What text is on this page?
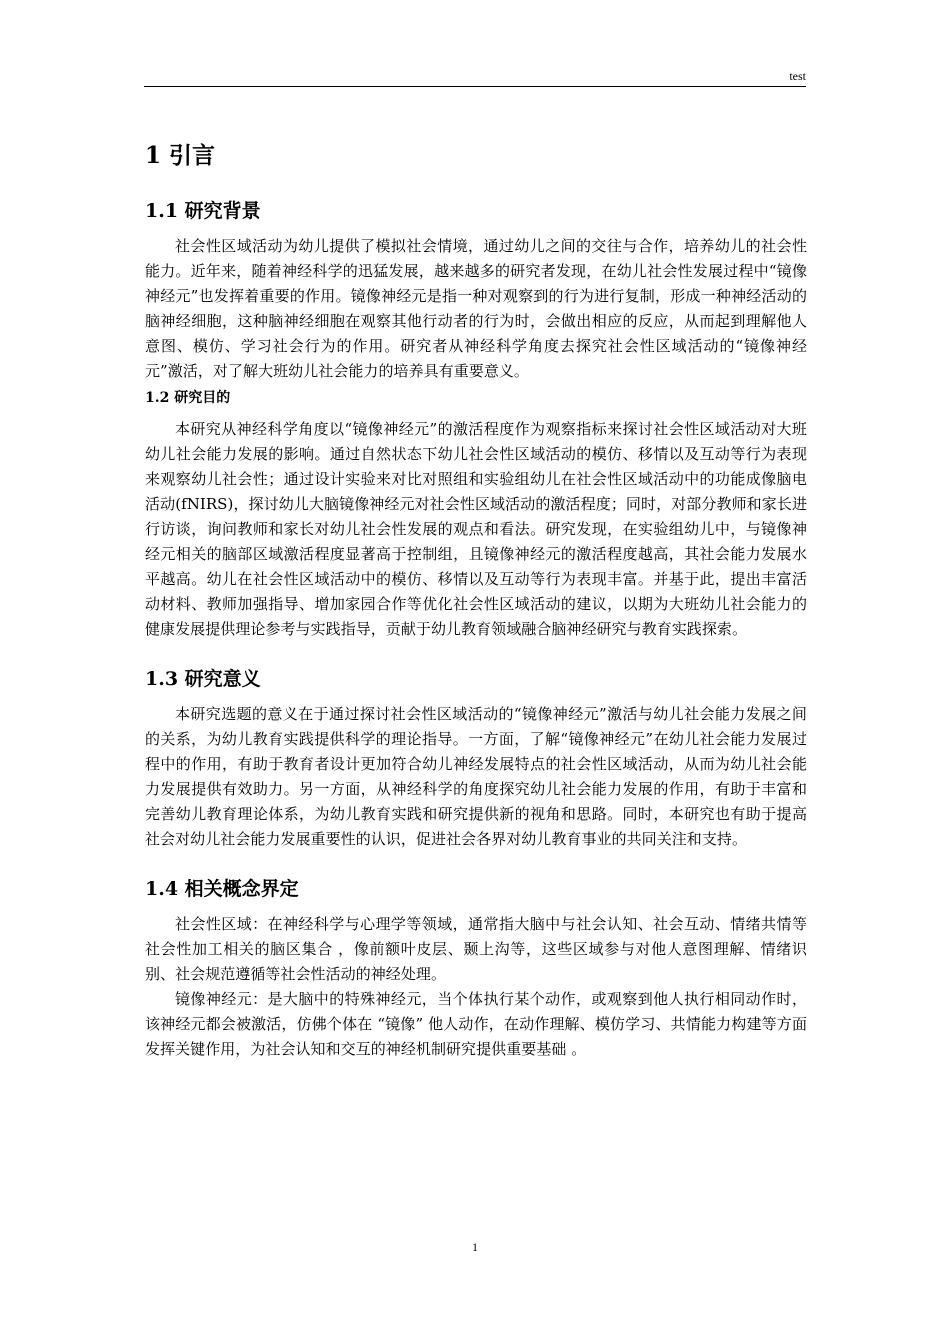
test
1 引言
1.1 研究背景

社会性区域活动为幼儿提供了模拟社会情境，通过幼儿之间的交往与合作，培养幼儿的社会性能力。近年来，随着神经科学的迅猛发展，越来越多的研究者发现，在幼儿社会性发展过程中“镜像神经元”也发挥着重要的作用。镜像神经元是指一种对观察到的行为进行复制，形成一种神经活动的脑神经细胞，这种脑神经细胞在观察其他行动者的行为时，会做出相应的反应，从而起到理解他人意图、模仿、学习社会行为的作用。研究者从神经科学角度去探究社会性区域活动的“镜像神经元”激活，对了解大班幼儿社会能力的培养具有重要意义。

1.2 研究目的

本研究从神经科学角度以“镜像神经元”的激活程度作为观察指标来探讨社会性区域活动对大班幼儿社会能力发展的影响。通过自然状态下幼儿社会性区域活动的模仿、移情以及互动等行为表现来观察幼儿社会性；通过设计实验来对比对照组和实验组幼儿在社会性区域活动中的功能成像脑电活动(fNIRS)，探讨幼儿大脑镜像神经元对社会性区域活动的激活程度；同时，对部分教师和家长进行访谈，询问教师和家长对幼儿社会性发展的观点和看法。研究发现，在实验组幼儿中，与镜像神经元相关的脑部区域激活程度显著高于控制组，且镜像神经元的激活程度越高，其社会能力发展水平越高。幼儿在社会性区域活动中的模仿、移情以及互动等行为表现丰富。并基于此，提出丰富活动材料、教师加强指导、增加家园合作等优化社会性区域活动的建议，以期为大班幼儿社会能力的健康发展提供理论参考与实践指导，贡献于幼儿教育领域融合脑神经研究与教育实践探索。

1.3 研究意义

本研究选题的意义在于通过探讨社会性区域活动的“镜像神经元”激活与幼儿社会能力发展之间的关系，为幼儿教育实践提供科学的理论指导。一方面，了解“镜像神经元”在幼儿社会能力发展过程中的作用，有助于教育者设计更加符合幼儿神经发展特点的社会性区域活动，从而为幼儿社会能力发展提供有效助力。另一方面，从神经科学的角度探究幼儿社会能力发展的作用，有助于丰富和完善幼儿教育理论体系，为幼儿教育实践和研究提供新的视角和思路。同时，本研究也有助于提高社会对幼儿社会能力发展重要性的认识，促进社会各界对幼儿教育事业的共同关注和支持。

1.4 相关概念界定

社会性区域：在神经科学与心理学等领域，通常指大脑中与社会认知、社会互动、情绪共情等社会性加工相关的脑区集合 ，像前额叶皮层、颞上沟等，这些区域参与对他人意图理解、情绪识别、社会规范遵循等社会性活动的神经处理。

镜像神经元：是大脑中的特殊神经元，当个体执行某个动作，或观察到他人执行相同动作时，该神经元都会被激活，仿佛个体在 “镜像” 他人动作，在动作理解、模仿学习、共情能力构建等方面发挥关键作用，为社会认知和交互的神经机制研究提供重要基础 。

1
